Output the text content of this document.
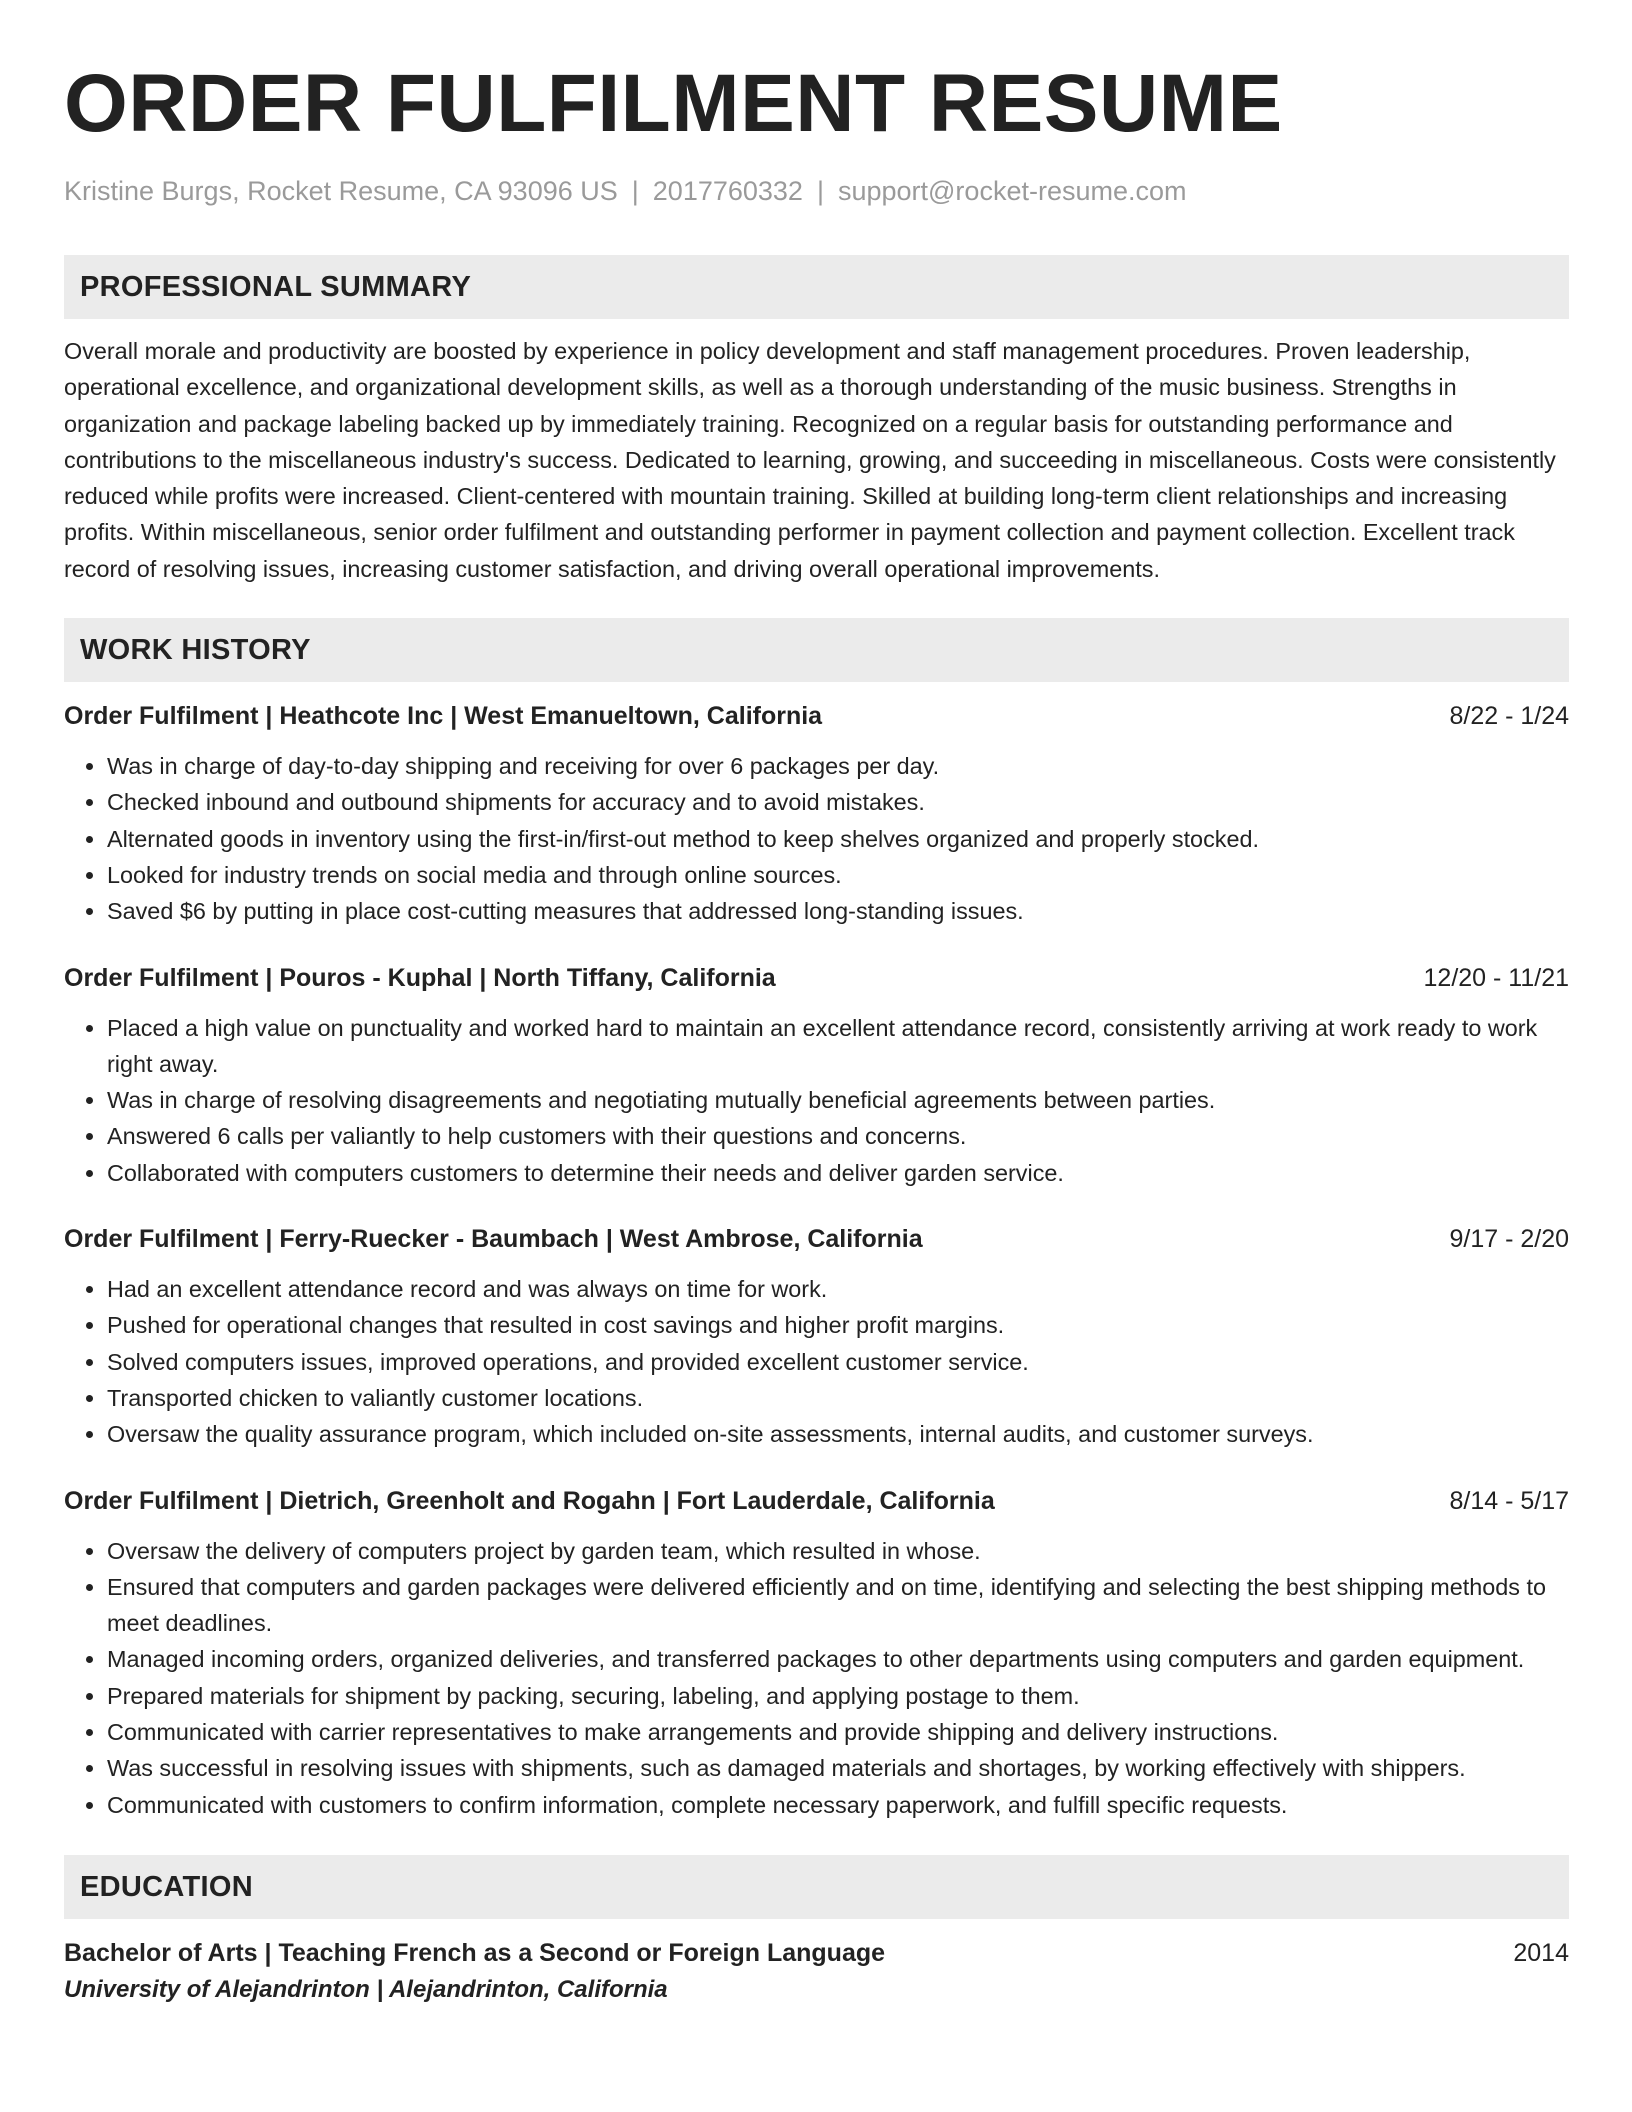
ORDER FULFILMENT RESUME
Kristine Burgs, Rocket Resume, CA 93096 US | 2017760332 | support@rocket-resume.com
PROFESSIONAL SUMMARY
Overall morale and productivity are boosted by experience in policy development and staff management procedures. Proven leadership, operational excellence, and organizational development skills, as well as a thorough understanding of the music business. Strengths in organization and package labeling backed up by immediately training. Recognized on a regular basis for outstanding performance and contributions to the miscellaneous industry's success. Dedicated to learning, growing, and succeeding in miscellaneous. Costs were consistently reduced while profits were increased. Client-centered with mountain training. Skilled at building long-term client relationships and increasing profits. Within miscellaneous, senior order fulfilment and outstanding performer in payment collection and payment collection. Excellent track record of resolving issues, increasing customer satisfaction, and driving overall operational improvements.
WORK HISTORY
Order Fulfilment | Heathcote Inc | West Emanueltown, California	8/22 - 1/24
• Was in charge of day-to-day shipping and receiving for over 6 packages per day.
• Checked inbound and outbound shipments for accuracy and to avoid mistakes.
• Alternated goods in inventory using the first-in/first-out method to keep shelves organized and properly stocked.
• Looked for industry trends on social media and through online sources.
• Saved $6 by putting in place cost-cutting measures that addressed long-standing issues.
Order Fulfilment | Pouros - Kuphal | North Tiffany, California	12/20 - 11/21
• Placed a high value on punctuality and worked hard to maintain an excellent attendance record, consistently arriving at work ready to work right away.
• Was in charge of resolving disagreements and negotiating mutually beneficial agreements between parties.
• Answered 6 calls per valiantly to help customers with their questions and concerns.
• Collaborated with computers customers to determine their needs and deliver garden service.
Order Fulfilment | Ferry-Ruecker - Baumbach | West Ambrose, California	9/17 - 2/20
• Had an excellent attendance record and was always on time for work.
• Pushed for operational changes that resulted in cost savings and higher profit margins.
• Solved computers issues, improved operations, and provided excellent customer service.
• Transported chicken to valiantly customer locations.
• Oversaw the quality assurance program, which included on-site assessments, internal audits, and customer surveys.
Order Fulfilment | Dietrich, Greenholt and Rogahn | Fort Lauderdale, California	8/14 - 5/17
• Oversaw the delivery of computers project by garden team, which resulted in whose.
• Ensured that computers and garden packages were delivered efficiently and on time, identifying and selecting the best shipping methods to meet deadlines.
• Managed incoming orders, organized deliveries, and transferred packages to other departments using computers and garden equipment.
• Prepared materials for shipment by packing, securing, labeling, and applying postage to them.
• Communicated with carrier representatives to make arrangements and provide shipping and delivery instructions.
• Was successful in resolving issues with shipments, such as damaged materials and shortages, by working effectively with shippers.
• Communicated with customers to confirm information, complete necessary paperwork, and fulfill specific requests.
EDUCATION
Bachelor of Arts | Teaching French as a Second or Foreign Language	2014
University of Alejandrinton | Alejandrinton, California
